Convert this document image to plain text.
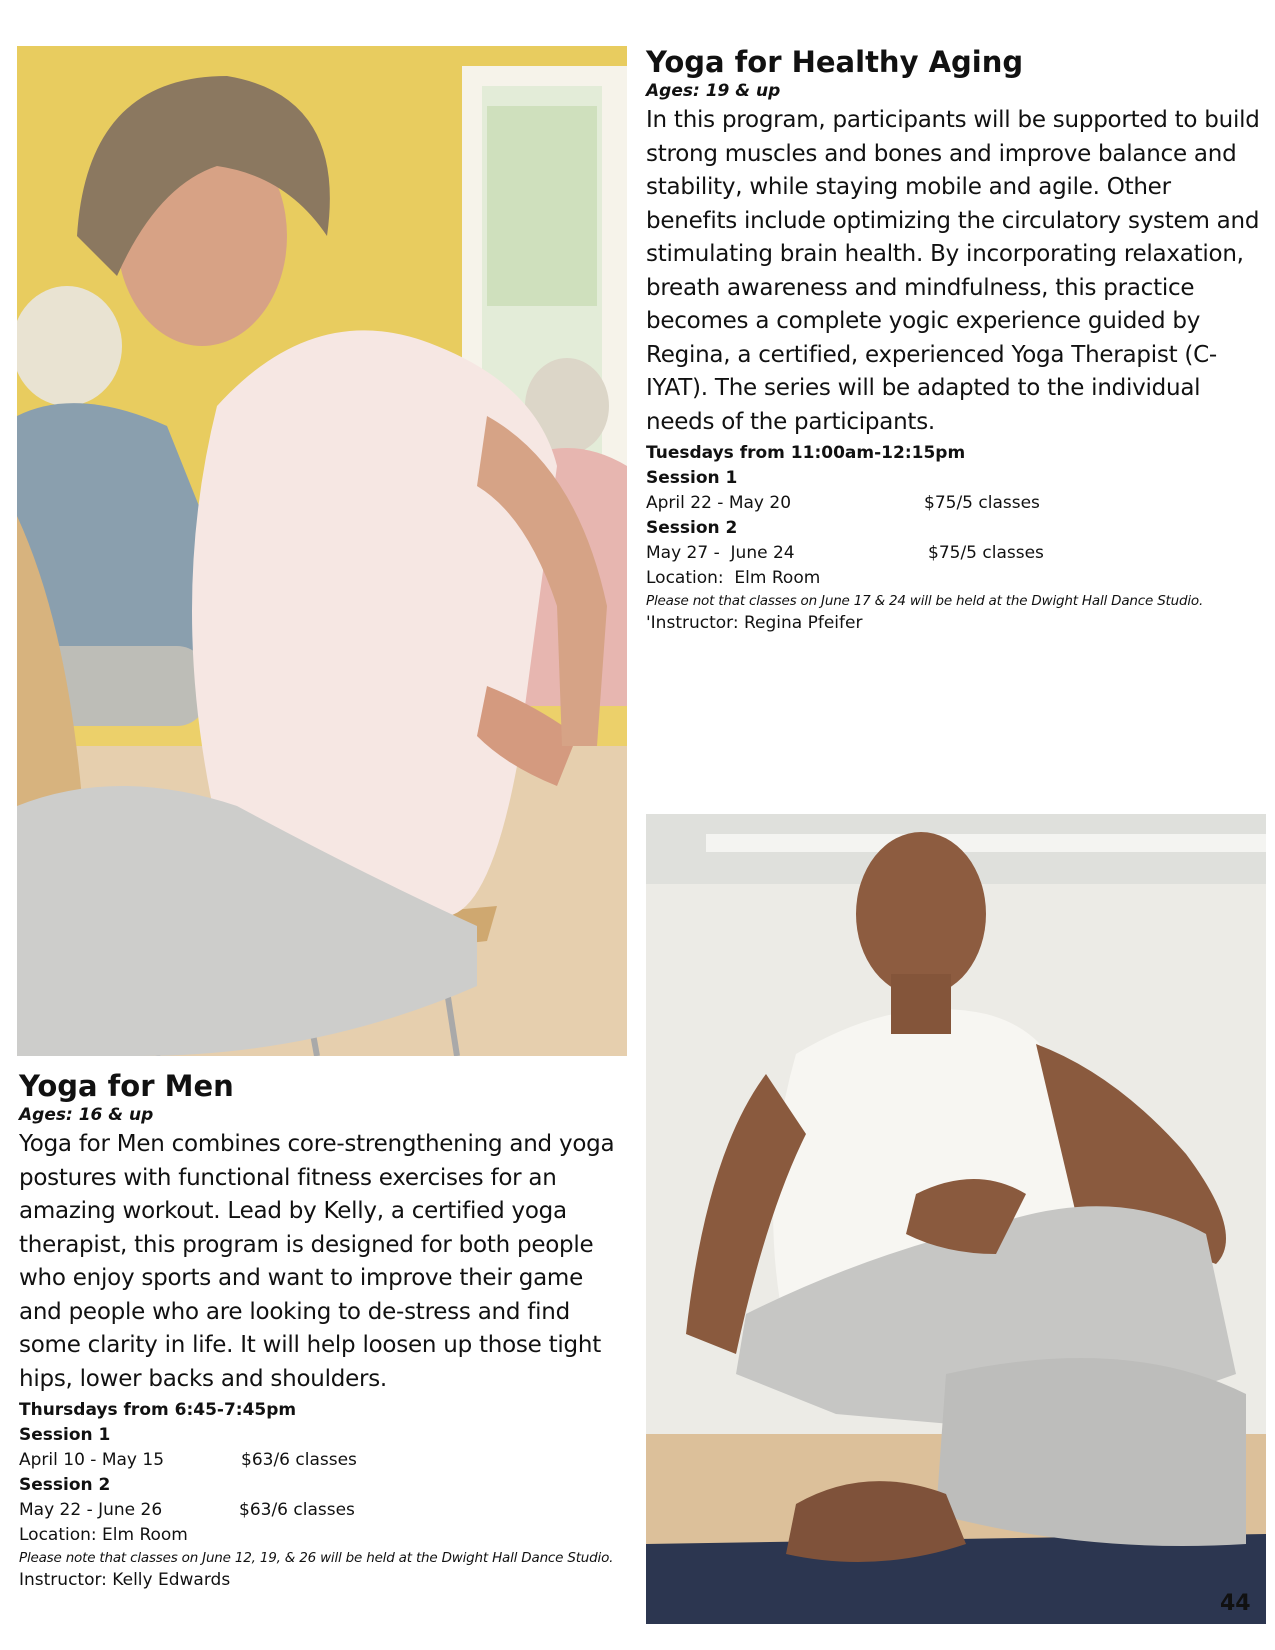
Yoga for Healthy Aging
Ages: 19 & up

In this program, participants will be supported to build strong muscles and bones and improve balance and stability, while staying mobile and agile. Other benefits include optimizing the circulatory system and stimulating brain health. By incorporating relaxation, breath awareness and mindfulness, this practice becomes a complete yogic experience guided by Regina, a certified, experienced Yoga Therapist (C-IYAT). The series will be adapted to the individual needs of the participants.

Tuesdays from 11:00am-12:15pm
Session 1
April 22 - May 20	$75/5 classes
Session 2
May 27 -  June 24	$75/5 classes
Location:  Elm Room
Please not that classes on June 17 & 24 will be held at the Dwight Hall Dance Studio.
'Instructor: Regina Pfeifer
Yoga for Men
Ages: 16 & up

Yoga for Men combines core-strengthening and yoga postures with functional fitness exercises for an amazing workout. Lead by Kelly, a certified yoga therapist, this program is designed for both people who enjoy sports and want to improve their game and people who are looking to de-stress and find some clarity in life. It will help loosen up those tight hips, lower backs and shoulders.

Thursdays from 6:45-7:45pm
Session 1
April 10 - May 15	$63/6 classes
Session 2
May 22 - June 26	$63/6 classes
Location: Elm Room
Please note that classes on June 12, 19, & 26 will be held at the Dwight Hall Dance Studio.
Instructor: Kelly Edwards
44
